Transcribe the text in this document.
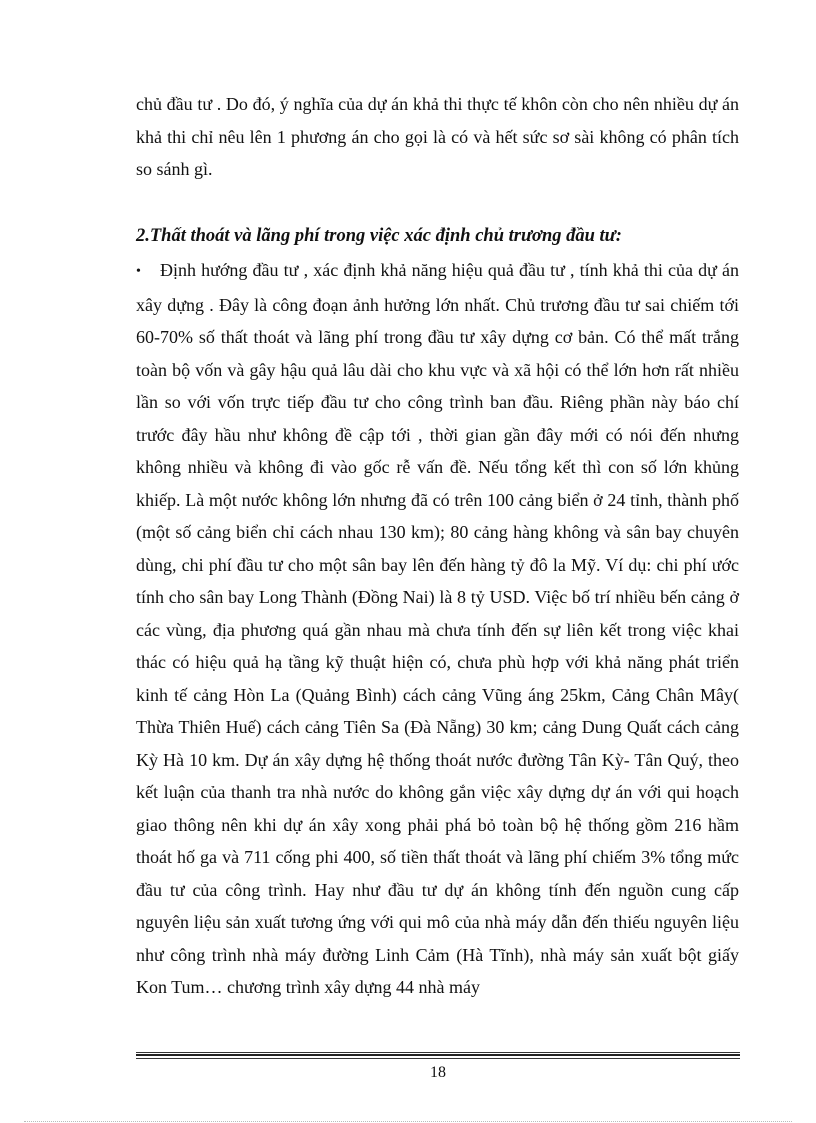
chủ đầu tư . Do đó, ý nghĩa của dự án khả thi thực tế khôn còn cho nên nhiều dự án khả thi chỉ nêu lên 1 phương án cho gọi là có và hết sức sơ sài không có phân tích so sánh gì.
2.Thất thoát và lãng phí trong việc xác định chủ trương đầu tư:
• Định hướng đầu tư , xác định khả năng hiệu quả đầu tư , tính khả thi của dự án xây dựng . Đây là công đoạn ảnh hưởng lớn nhất. Chủ trương đầu tư sai chiếm tới 60-70% số thất thoát và lãng phí trong đầu tư xây dựng cơ bản. Có thể mất trắng toàn bộ vốn và gây hậu quả lâu dài cho khu vực và xã hội có thể lớn hơn rất nhiều lần so với vốn trực tiếp đầu tư cho công trình ban đầu. Riêng phần này báo chí trước đây hầu như không đề cập tới , thời gian gần đây mới có nói đến nhưng không nhiều và không đi vào gốc rễ vấn đề. Nếu tổng kết thì con số lớn khủng khiếp. Là một nước không lớn nhưng đã có trên 100 cảng biển ở 24 tỉnh, thành phố (một số cảng biển chỉ cách nhau 130 km); 80 cảng hàng không và sân bay chuyên dùng, chi phí đầu tư cho một sân bay lên đến hàng tỷ đô la Mỹ. Ví dụ: chi phí ước tính cho sân bay Long Thành (Đồng Nai) là 8 tỷ USD. Việc bố trí nhiều bến cảng ở các vùng, địa phương quá gần nhau mà chưa tính đến sự liên kết trong việc khai thác có hiệu quả hạ tầng kỹ thuật hiện có, chưa phù hợp với khả năng phát triển kinh tế cảng Hòn La (Quảng Bình) cách cảng Vũng áng 25km, Cảng Chân Mây( Thừa Thiên Huế) cách cảng Tiên Sa (Đà Nẵng) 30 km; cảng Dung Quất cách cảng Kỳ Hà 10 km. Dự án xây dựng hệ thống thoát nước đường Tân Kỳ- Tân Quý, theo kết luận của thanh tra nhà nước do không gắn việc xây dựng dự án với qui hoạch giao thông nên khi dự án xây xong phải phá bỏ toàn bộ hệ thống gồm 216 hầm thoát hố ga và 711 cống phi 400, số tiền thất thoát và lãng phí chiếm 3% tổng mức đầu tư của công trình. Hay như đầu tư dự án không tính đến nguồn cung cấp nguyên liệu sản xuất tương ứng với qui mô của nhà máy dẫn đến thiếu nguyên liệu như công trình nhà máy đường Linh Cảm (Hà Tĩnh), nhà máy sản xuất bột giấy Kon Tum… chương trình xây dựng 44 nhà máy
18
